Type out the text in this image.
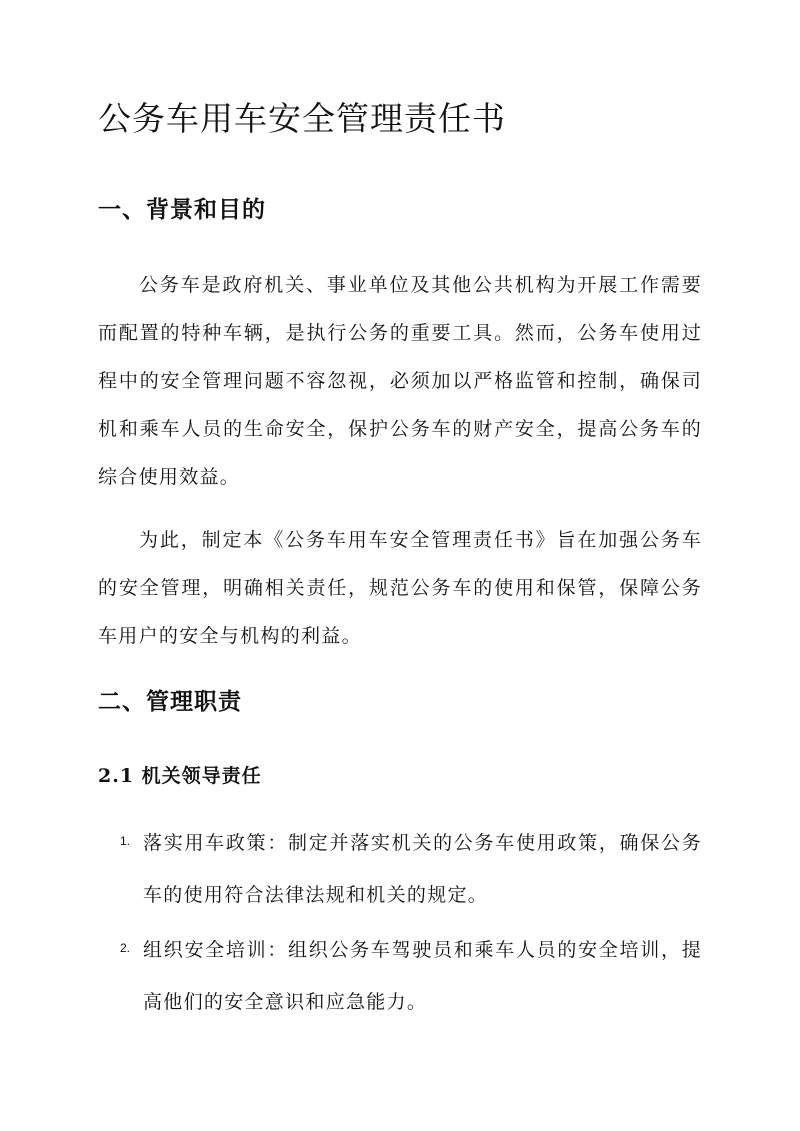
公务车用车安全管理责任书
一、背景和目的

公务车是政府机关、事业单位及其他公共机构为开展工作需要而配置的特种车辆，是执行公务的重要工具。然而，公务车使用过程中的安全管理问题不容忽视，必须加以严格监管和控制，确保司机和乘车人员的生命安全，保护公务车的财产安全，提高公务车的综合使用效益。

为此，制定本《公务车用车安全管理责任书》旨在加强公务车的安全管理，明确相关责任，规范公务车的使用和保管，保障公务车用户的安全与机构的利益。

二、管理职责
2.1 机关领导责任
1. 落实用车政策：制定并落实机关的公务车使用政策，确保公务车的使用符合法律法规和机关的规定。

2. 组织安全培训：组织公务车驾驶员和乘车人员的安全培训，提高他们的安全意识和应急能力。
